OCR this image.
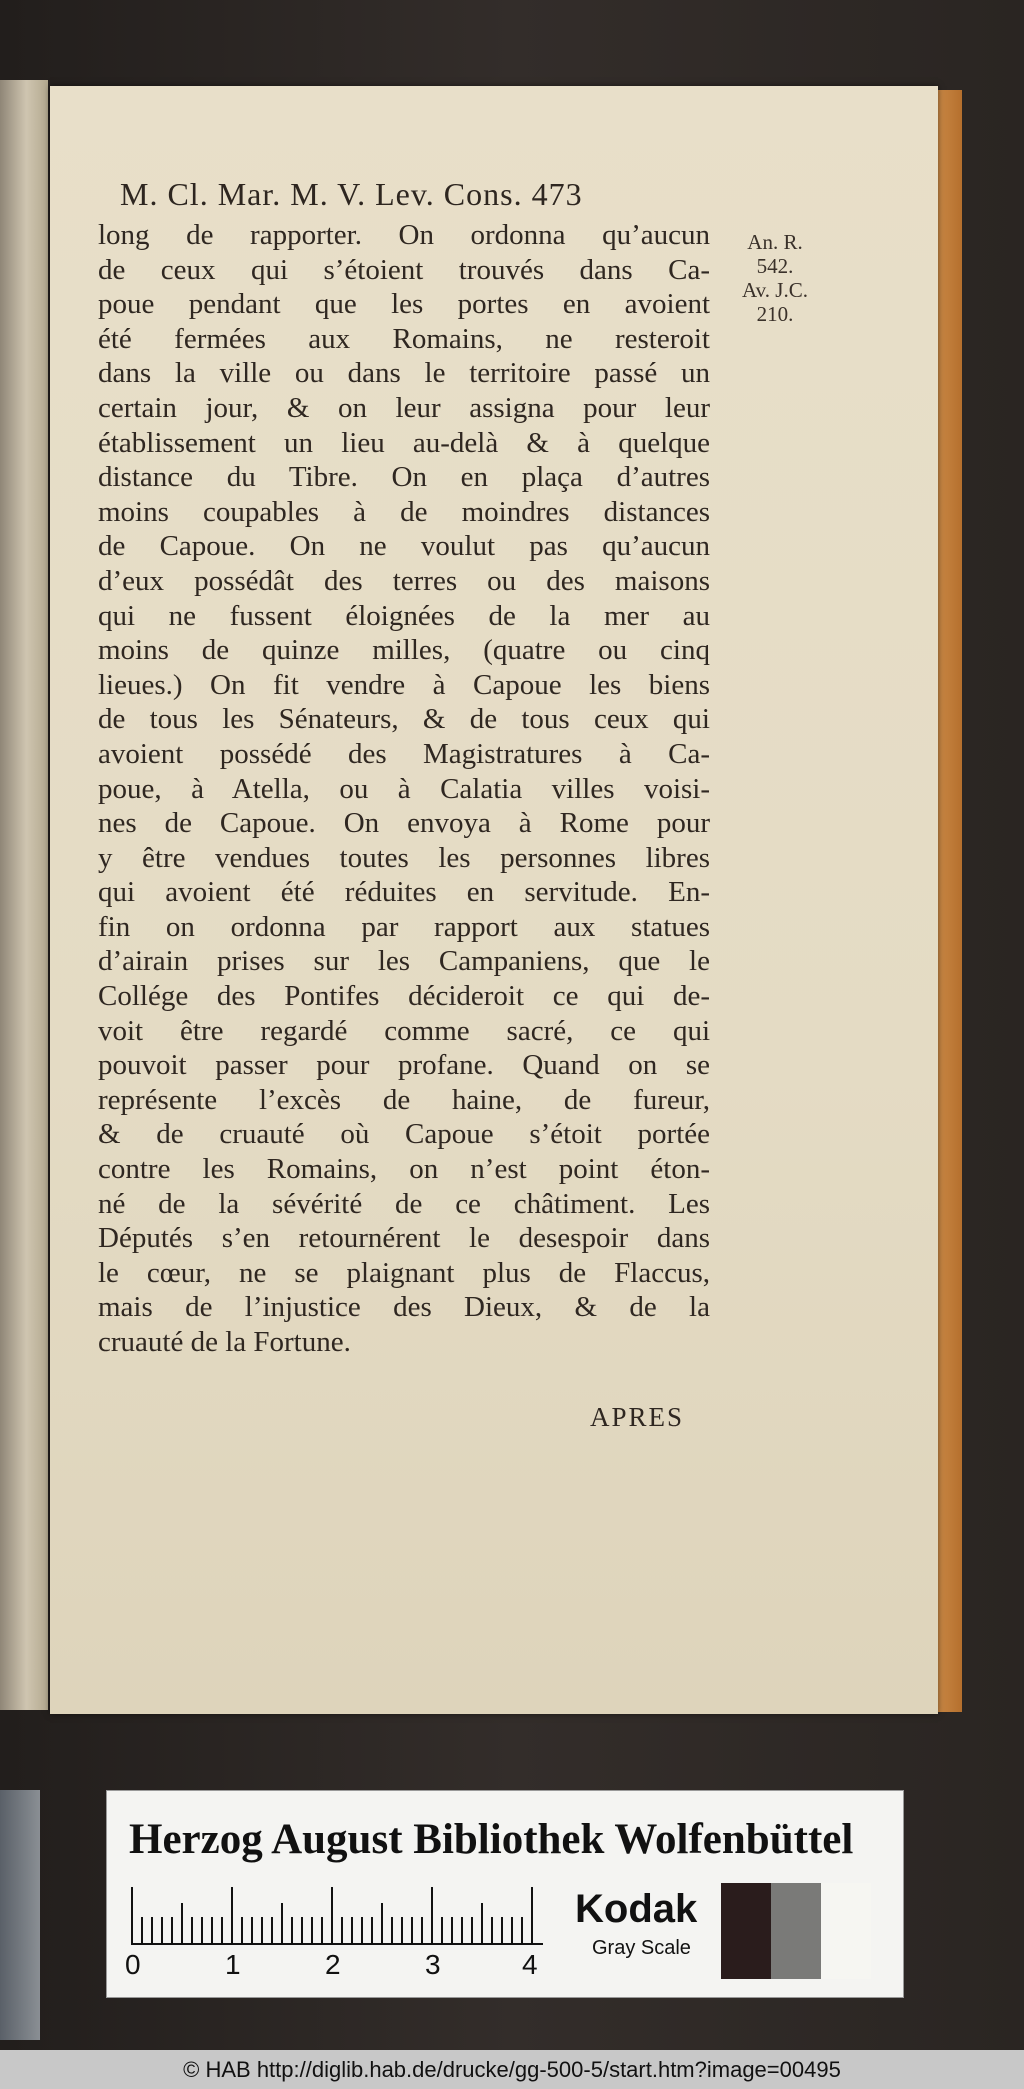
M. Cl. Mar. M. V. Lev. Cons. 473
An. R.
542.
Av. J.C.
210.
long de rapporter. On ordonna qu’aucun
de ceux qui s’étoient trouvés dans Ca-
poue pendant que les portes en avoient
été fermées aux Romains, ne resteroit
dans la ville ou dans le territoire passé un
certain jour, & on leur assigna pour leur
établissement un lieu au-delà & à quelque
distance du Tibre. On en plaça d’autres
moins coupables à de moindres distances
de Capoue. On ne voulut pas qu’aucun
d’eux possédât des terres ou des maisons
qui ne fussent éloignées de la mer au
moins de quinze milles, (quatre ou cinq
lieues.) On fit vendre à Capoue les biens
de tous les Sénateurs, & de tous ceux qui
avoient possédé des Magistratures à Ca-
poue, à Atella, ou à Calatia villes voisi-
nes de Capoue. On envoya à Rome pour
y être vendues toutes les personnes libres
qui avoient été réduites en servitude. En-
fin on ordonna par rapport aux statues
d’airain prises sur les Campaniens, que le
Collége des Pontifes décideroit ce qui de-
voit être regardé comme sacré, ce qui
pouvoit passer pour profane. Quand on se
représente l’excès de haine, de fureur,
& de cruauté où Capoue s’étoit portée
contre les Romains, on n’est point éton-
né de la sévérité de ce châtiment. Les
Députés s’en retournérent le desespoir dans
le cœur, ne se plaignant plus de Flaccus,
mais de l’injustice des Dieux, & de la
cruauté de la Fortune.
APRES
Herzog August Bibliothek Wolfenbüttel
0	1	2	3	4
Kodak
Gray Scale
© HAB http://diglib.hab.de/drucke/gg-500-5/start.htm?image=00495
